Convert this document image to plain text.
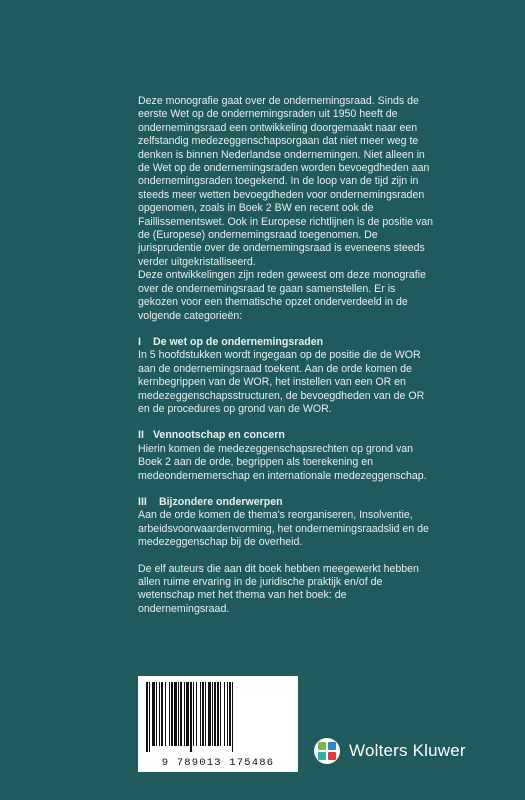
Deze monografie gaat over de ondernemingsraad. Sinds de eerste Wet op de ondernemingsraden uit 1950 heeft de ondernemingsraad een ontwikkeling doorgemaakt naar een zelfstandig medezeggenschapsorgaan dat niet meer weg te denken is binnen Nederlandse ondernemingen. Niet alleen in de Wet op de ondernemingsraden worden bevoegdheden aan ondernemingsraden toegekend. In de loop van de tijd zijn in steeds meer wetten bevoegdheden voor ondernemingsraden opgenomen, zoals in Boek 2 BW en recent ook de Faillissementswet. Ook in Europese richtlijnen is de positie van de (Europese) ondernemingsraad toegenomen. De jurisprudentie over de ondernemingsraad is eveneens steeds verder uitgekristalliseerd.

Deze ontwikkelingen zijn reden geweest om deze monografie over de ondernemingsraad te gaan samenstellen. Er is gekozen voor een thematische opzet onderverdeeld in de volgende categorieën:

I De wet op de ondernemingsraden

In 5 hoofdstukken wordt ingegaan op de positie die de WOR aan de ondernemingsraad toekent. Aan de orde komen de kernbegrippen van de WOR, het instellen van een OR en medezeggenschapsstructuren, de bevoegdheden van de OR en de procedures op grond van de WOR.

II Vennootschap en concern

Hierin komen de medezeggenschapsrechten op grond van Boek 2 aan de orde, begrippen als toerekening en medeondernemerschap en internationale medezeggenschap.

III Bijzondere onderwerpen

Aan de orde komen de thema's reorganiseren, Insolventie, arbeidsvoorwaardenvorming, het ondernemingsraadslid en de medezeggenschap bij de overheid.

De elf auteurs die aan dit boek hebben meegewerkt hebben allen ruime ervaring in de juridische praktijk en/of de wetenschap met het thema van het boek: de ondernemingsraad.

9 789013 175486
Wolters Kluwer
